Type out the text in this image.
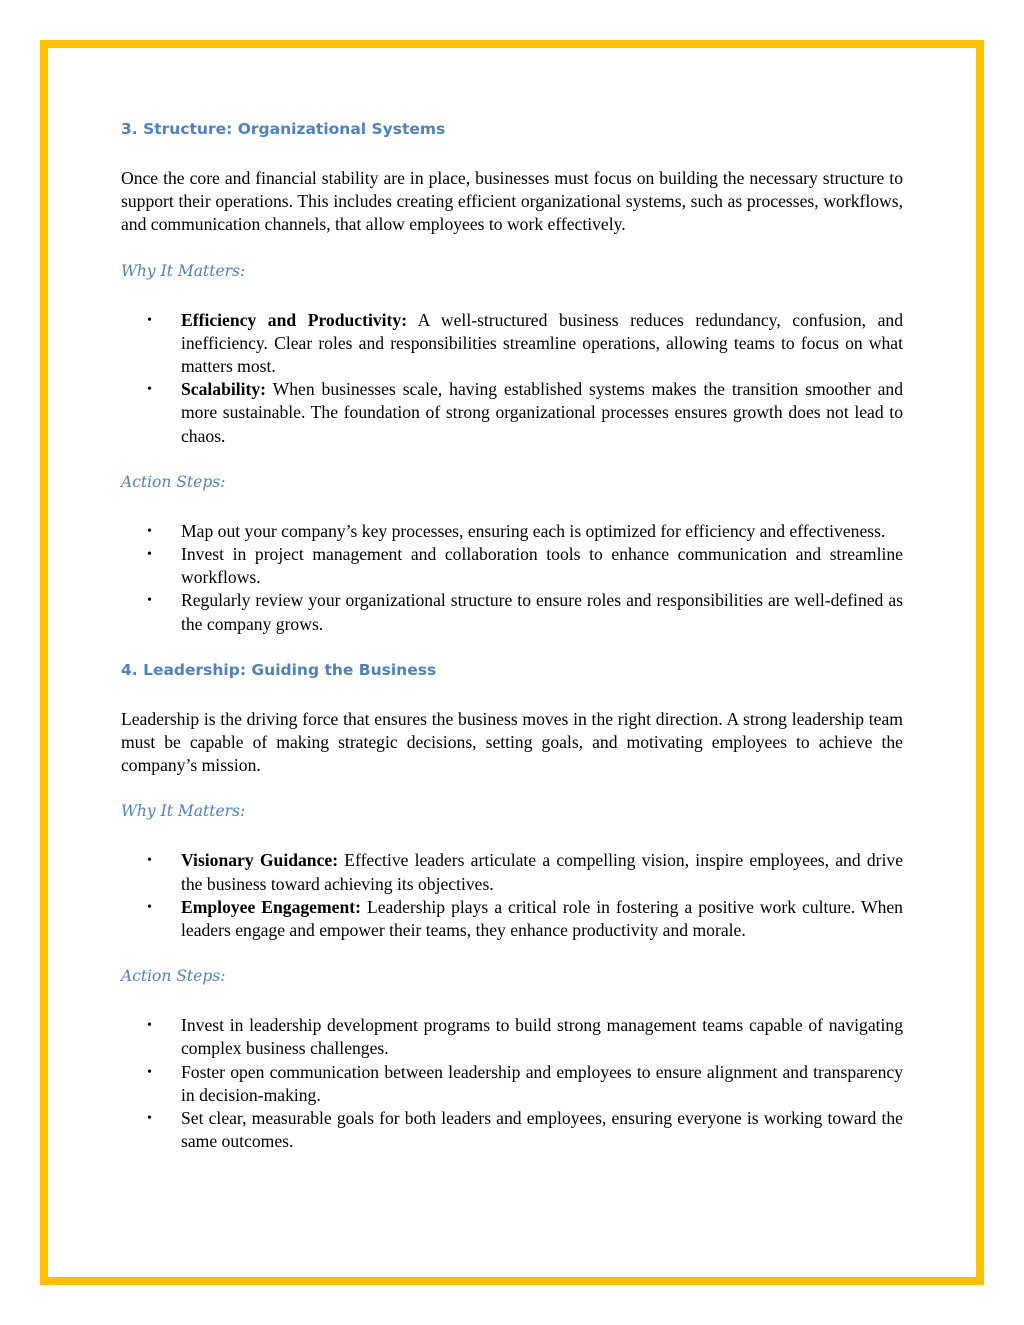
3. Structure: Organizational Systems

Once the core and financial stability are in place, businesses must focus on building the necessary structure to support their operations. This includes creating efficient organizational systems, such as processes, workflows, and communication channels, that allow employees to work effectively.

Why It Matters:

• Efficiency and Productivity: A well-structured business reduces redundancy, confusion, and inefficiency. Clear roles and responsibilities streamline operations, allowing teams to focus on what matters most.
• Scalability: When businesses scale, having established systems makes the transition smoother and more sustainable. The foundation of strong organizational processes ensures growth does not lead to chaos.

Action Steps:

• Map out your company’s key processes, ensuring each is optimized for efficiency and effectiveness.
• Invest in project management and collaboration tools to enhance communication and streamline workflows.
• Regularly review your organizational structure to ensure roles and responsibilities are well-defined as the company grows.
4. Leadership: Guiding the Business

Leadership is the driving force that ensures the business moves in the right direction. A strong leadership team must be capable of making strategic decisions, setting goals, and motivating employees to achieve the company’s mission.

Why It Matters:

• Visionary Guidance: Effective leaders articulate a compelling vision, inspire employees, and drive the business toward achieving its objectives.
• Employee Engagement: Leadership plays a critical role in fostering a positive work culture. When leaders engage and empower their teams, they enhance productivity and morale.

Action Steps:

• Invest in leadership development programs to build strong management teams capable of navigating complex business challenges.
• Foster open communication between leadership and employees to ensure alignment and transparency in decision-making.
• Set clear, measurable goals for both leaders and employees, ensuring everyone is working toward the same outcomes.
